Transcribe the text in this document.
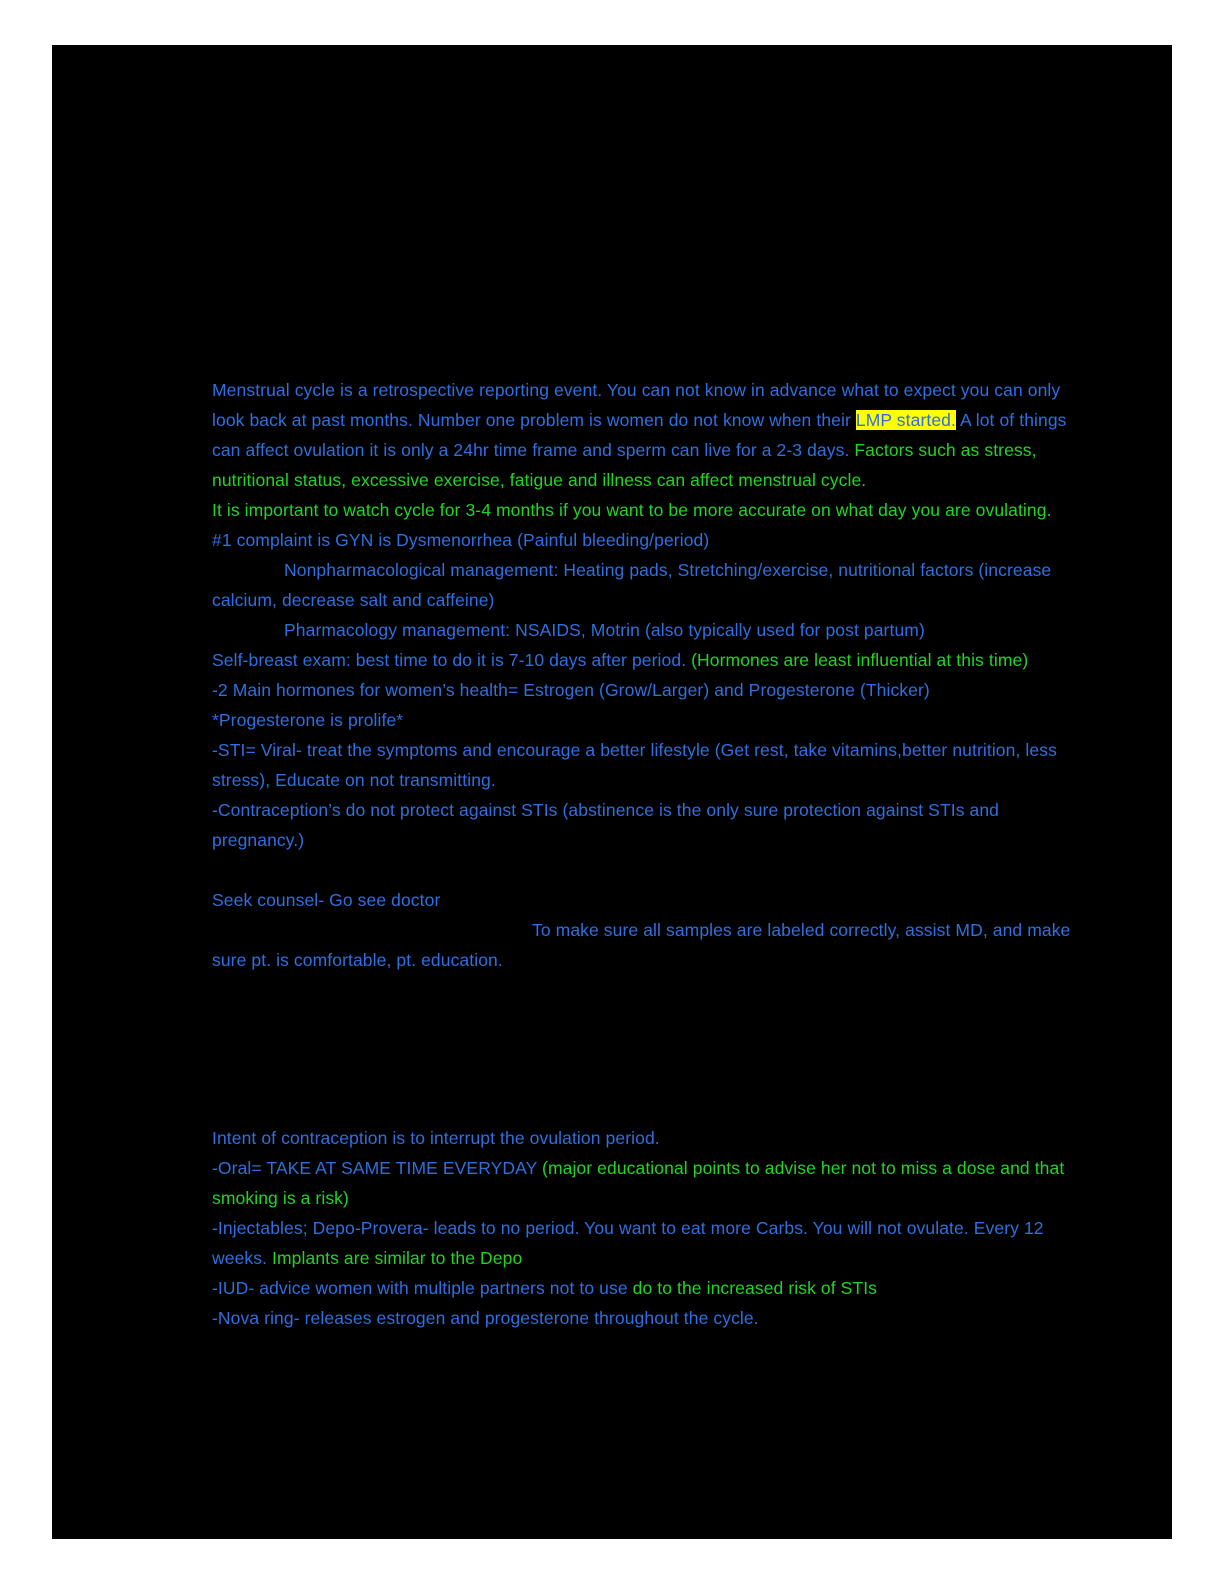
Menstrual cycle is a retrospective reporting event. You can not know in advance what to expect you can only look back at past months. Number one problem is women do not know when their LMP started. A lot of things can affect ovulation it is only a 24hr time frame and sperm can live for a 2-3 days. Factors such as stress, nutritional status, excessive exercise, fatigue and illness can affect menstrual cycle.

It is important to watch cycle for 3-4 months if you want to be more accurate on what day you are ovulating.

#1 complaint is GYN is Dysmenorrhea (Painful bleeding/period)

Nonpharmacological management: Heating pads, Stretching/exercise, nutritional factors (increase calcium, decrease salt and caffeine)

Pharmacology management: NSAIDS, Motrin (also typically used for post partum)

Self-breast exam: best time to do it is 7-10 days after period. (Hormones are least influential at this time)

-2 Main hormones for women’s health= Estrogen (Grow/Larger) and Progesterone (Thicker)

*Progesterone is prolife*

-STI= Viral- treat the symptoms and encourage a better lifestyle (Get rest, take vitamins,better nutrition, less stress), Educate on not transmitting.

-Contraception’s do not protect against STIs (abstinence is the only sure protection against STIs and pregnancy.)

Seek counsel- Go see doctor

To make sure all samples are labeled correctly, assist MD, and make sure pt. is comfortable, pt. education.

Intent of contraception is to interrupt the ovulation period.

-Oral= TAKE AT SAME TIME EVERYDAY (major educational points to advise her not to miss a dose and that smoking is a risk)

-Injectables; Depo-Provera- leads to no period. You want to eat more Carbs. You will not ovulate. Every 12 weeks. Implants are similar to the Depo

-IUD- advice women with multiple partners not to use do to the increased risk of STIs

-Nova ring- releases estrogen and progesterone throughout the cycle.
